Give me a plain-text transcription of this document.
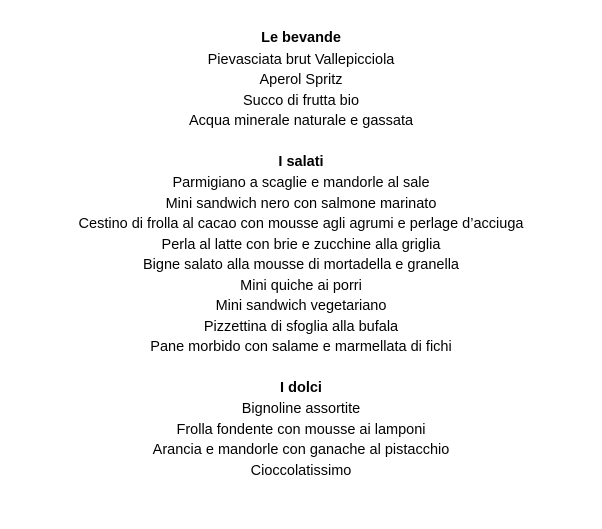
Le bevande
Pievasciata brut Vallepicciola
Aperol Spritz
Succo di frutta bio
Acqua minerale naturale e gassata
I salati
Parmigiano a scaglie e mandorle al sale
Mini sandwich nero con salmone marinato
Cestino di frolla al cacao con mousse agli agrumi e perlage d’acciuga
Perla al latte con brie e zucchine alla griglia
Bigne salato alla mousse di mortadella e granella
Mini quiche ai porri
Mini sandwich vegetariano
Pizzettina di sfoglia alla bufala
Pane morbido con salame e marmellata di fichi
I dolci
Bignoline assortite
Frolla fondente con mousse ai lamponi
Arancia e mandorle con ganache al pistacchio
Cioccolatissimo
